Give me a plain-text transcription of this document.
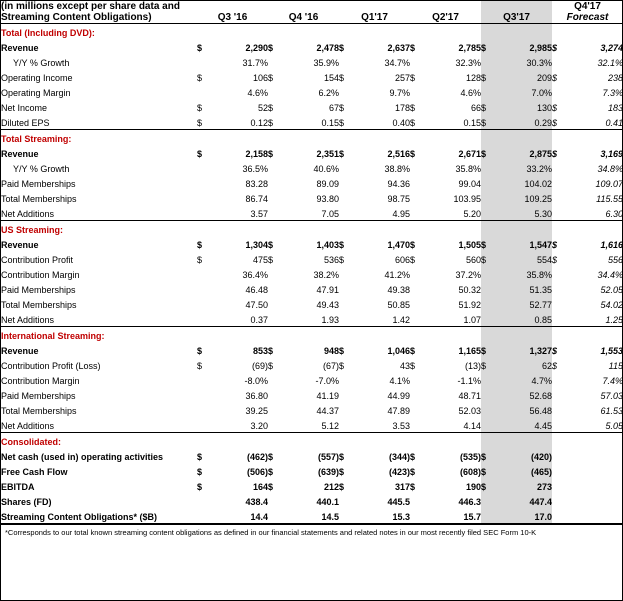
(in millions except per share data and
Streaming Content Obligations)	Q3 '16	Q4 '16	Q1'17	Q2'17	Q3'17	
Q4'17
Forecast

Total (Including DVD):												
Revenue	$	2,290	$	2,478	$	2,637	$	2,785	$	2,985	$	3,274
Y/Y % Growth		31.7%		35.9%		34.7%		32.3%		30.3%		32.1%
Operating Income	$	106	$	154	$	257	$	128	$	209	$	238
Operating Margin		4.6%		6.2%		9.7%		4.6%		7.0%		7.3%
Net Income	$	52	$	67	$	178	$	66	$	130	$	183
Diluted EPS	$	0.12	$	0.15	$	0.40	$	0.15	$	0.29	$	0.41
Total Streaming:												
Revenue	$	2,158	$	2,351	$	2,516	$	2,671	$	2,875	$	3,169
Y/Y % Growth		36.5%		40.6%		38.8%		35.8%		33.2%		34.8%
Paid Memberships		83.28		89.09		94.36		99.04		104.02		109.07
Total Memberships		86.74		93.80		98.75		103.95		109.25		115.55
Net Additions		3.57		7.05		4.95		5.20		5.30		6.30
US Streaming:												
Revenue	$	1,304	$	1,403	$	1,470	$	1,505	$	1,547	$	1,616
Contribution Profit	$	475	$	536	$	606	$	560	$	554	$	556
Contribution Margin		36.4%		38.2%		41.2%		37.2%		35.8%		34.4%
Paid Memberships		46.48		47.91		49.38		50.32		51.35		52.05
Total Memberships		47.50		49.43		50.85		51.92		52.77		54.02
Net Additions		0.37		1.93		1.42		1.07		0.85		1.25
International Streaming:												
Revenue	$	853	$	948	$	1,046	$	1,165	$	1,327	$	1,553
Contribution Profit (Loss)	$	(69)	$	(67)	$	43	$	(13)	$	62	$	115
Contribution Margin		-8.0%		-7.0%		4.1%		-1.1%		4.7%		7.4%
Paid Memberships		36.80		41.19		44.99		48.71		52.68		57.03
Total Memberships		39.25		44.37		47.89		52.03		56.48		61.53
Net Additions		3.20		5.12		3.53		4.14		4.45		5.05
Consolidated:												
Net cash (used in) operating activities	$	(462)	$	(557)	$	(344)	$	(535)	$	(420)		
Free Cash Flow	$	(506)	$	(639)	$	(423)	$	(608)	$	(465)		
EBITDA	$	164	$	212	$	317	$	190	$	273		
Shares (FD)		438.4		440.1		445.5		446.3		447.4		
Streaming Content Obligations* ($B)		14.4		14.5		15.3		15.7		17.0		
*Corresponds to our total known streaming content obligations as defined in our financial statements and related notes in our most recently filed SEC Form 10-K
